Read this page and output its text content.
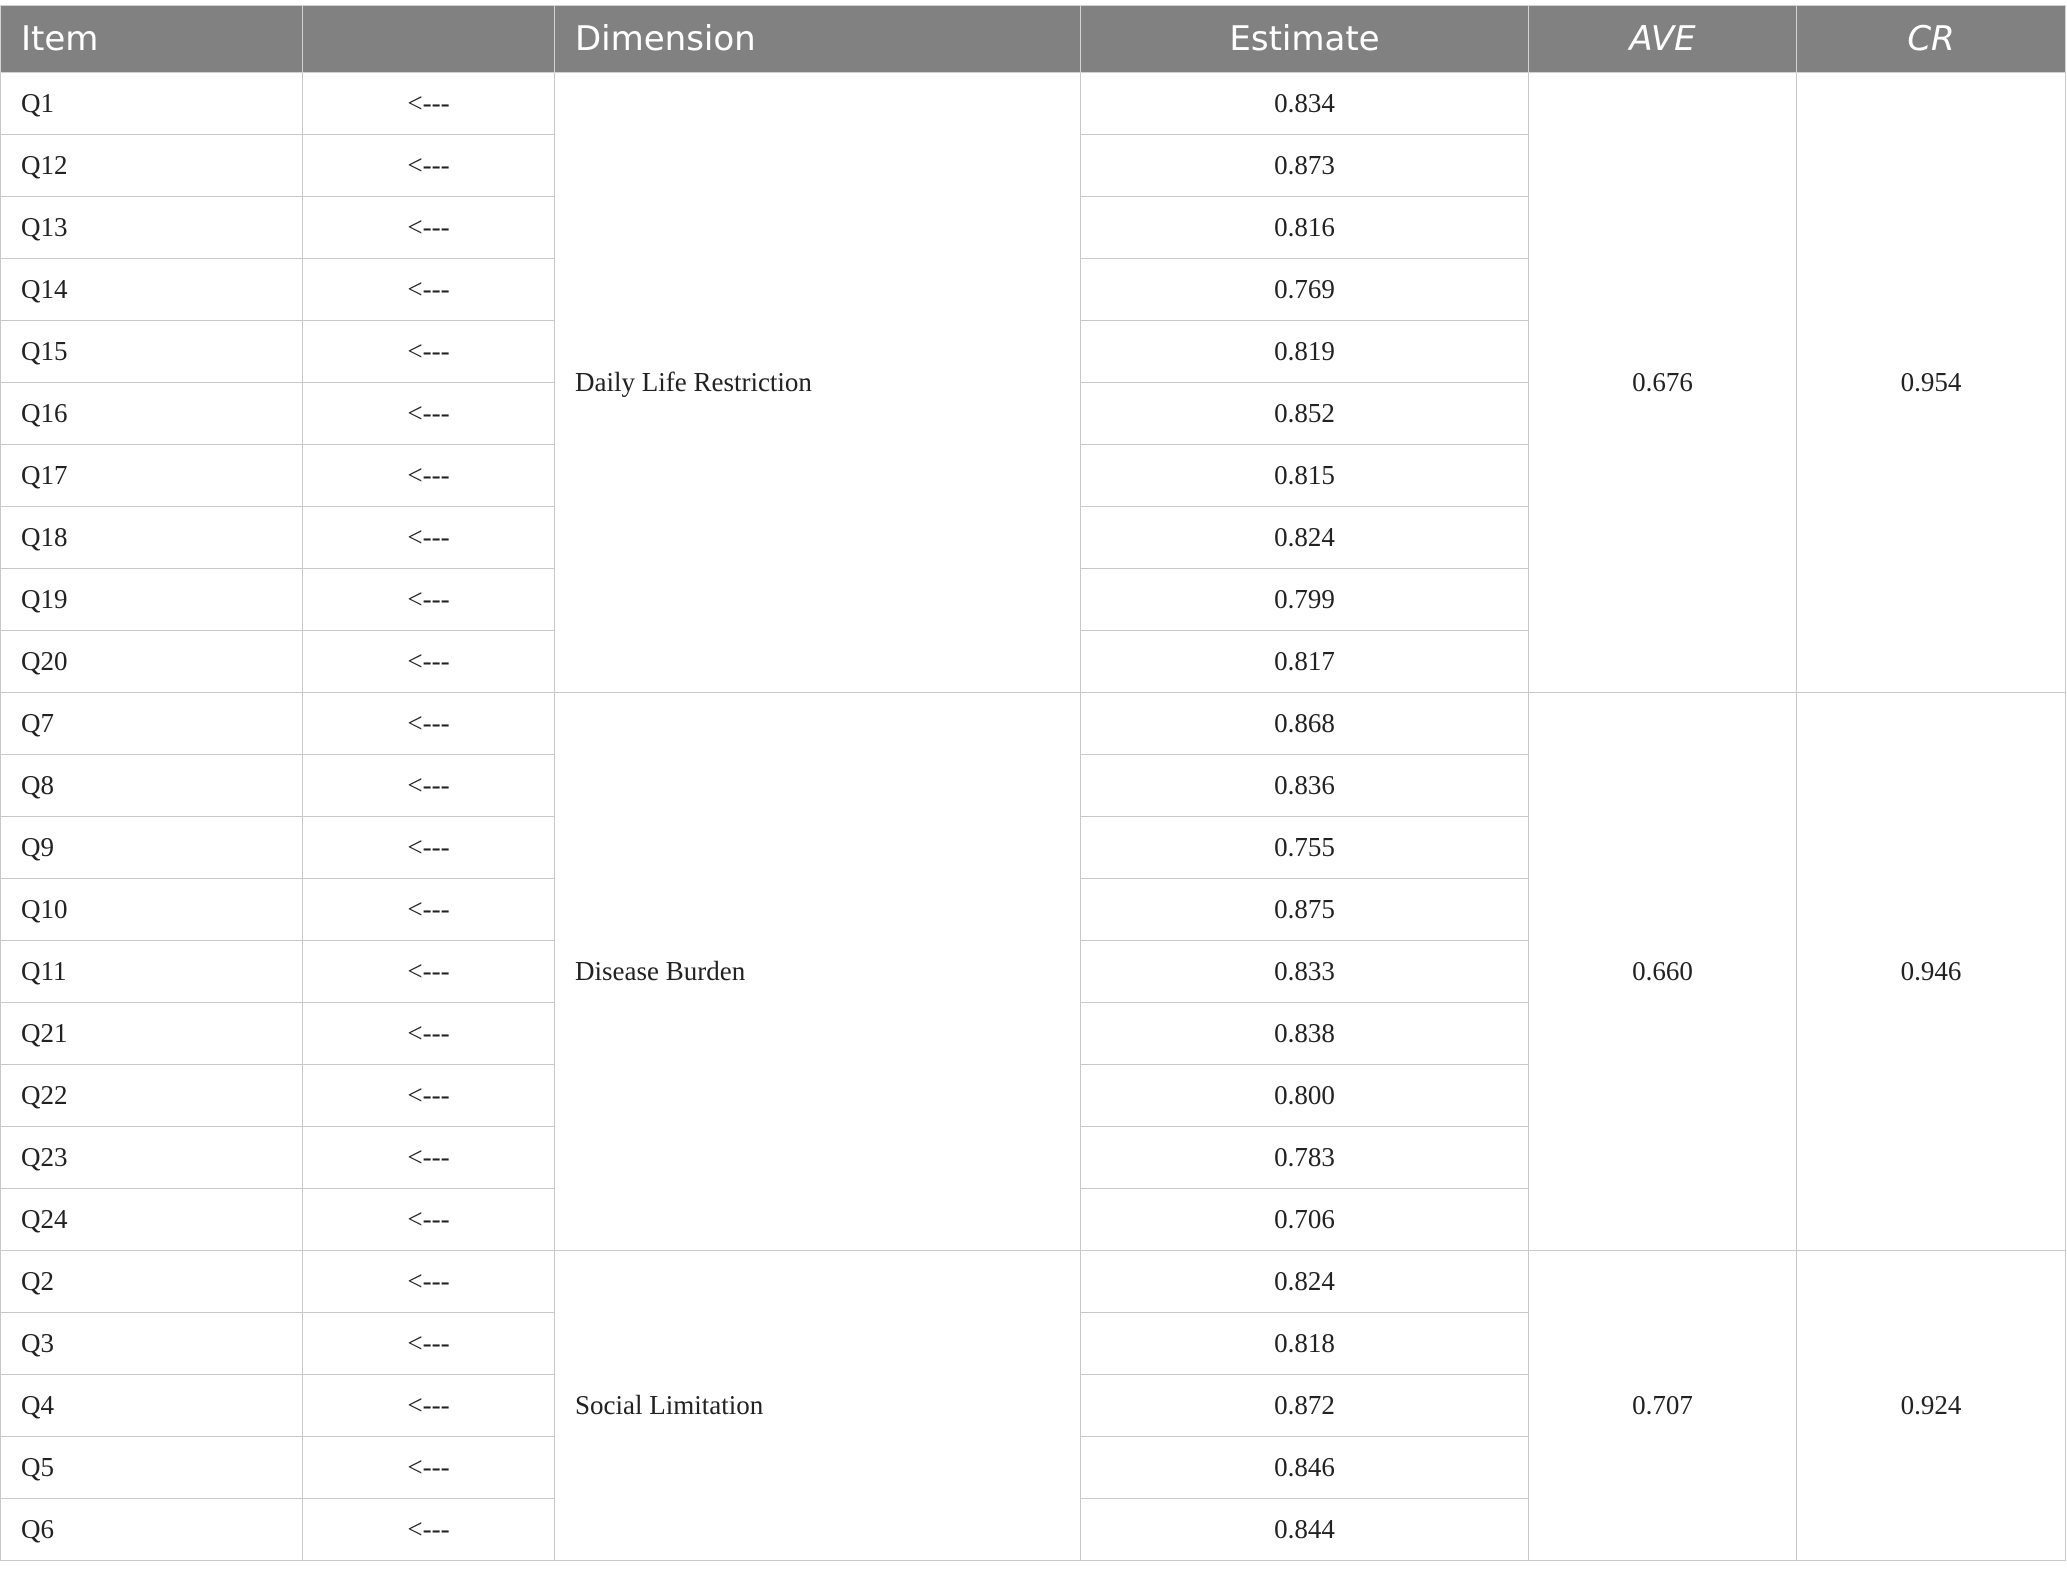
Item		Dimension	Estimate	AVE	CR
Q1	<---	Daily Life Restriction	0.834	0.676	0.954
Q12	<---		0.873		
Q13	<---		0.816		
Q14	<---		0.769		
Q15	<---		0.819		
Q16	<---		0.852		
Q17	<---		0.815		
Q18	<---		0.824		
Q19	<---		0.799		
Q20	<---		0.817		
Q7	<---	Disease Burden	0.868	0.660	0.946
Q8	<---		0.836		
Q9	<---		0.755		
Q10	<---		0.875		
Q11	<---		0.833		
Q21	<---		0.838		
Q22	<---		0.800		
Q23	<---		0.783		
Q24	<---		0.706		
Q2	<---	Social Limitation	0.824	0.707	0.924
Q3	<---		0.818		
Q4	<---		0.872		
Q5	<---		0.846		
Q6	<---		0.844		
